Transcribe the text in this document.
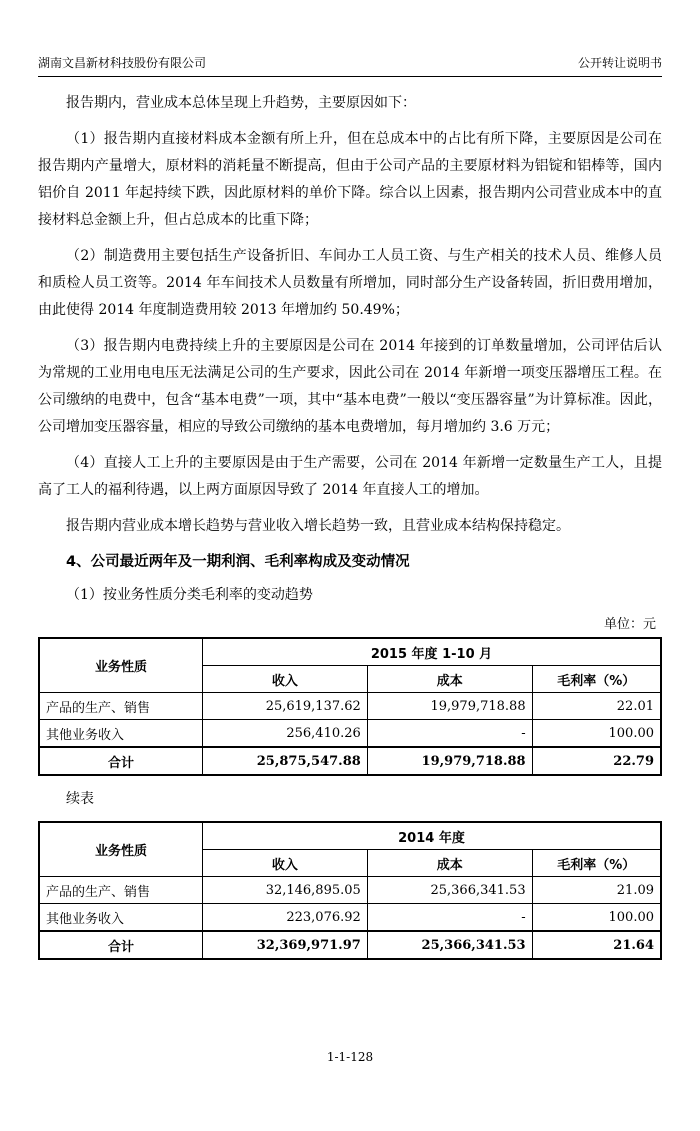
湖南文昌新材科技股份有限公司	公开转让说明书

报告期内，营业成本总体呈现上升趋势，主要原因如下：

（1）报告期内直接材料成本金额有所上升，但在总成本中的占比有所下降，主要原因是公司在报告期内产量增大，原材料的消耗量不断提高，但由于公司产品的主要原材料为铝锭和铝棒等，国内铝价自 2011 年起持续下跌，因此原材料的单价下降。综合以上因素，报告期内公司营业成本中的直接材料总金额上升，但占总成本的比重下降；

（2）制造费用主要包括生产设备折旧、车间办工人员工资、与生产相关的技术人员、维修人员和质检人员工资等。2014 年车间技术人员数量有所增加，同时部分生产设备转固，折旧费用增加，由此使得 2014 年度制造费用较 2013 年增加约 50.49%；

（3）报告期内电费持续上升的主要原因是公司在 2014 年接到的订单数量增加，公司评估后认为常规的工业用电电压无法满足公司的生产要求，因此公司在 2014 年新增一项变压器增压工程。在公司缴纳的电费中，包含“基本电费”一项，其中“基本电费”一般以“变压器容量”为计算标准。因此，公司增加变压器容量，相应的导致公司缴纳的基本电费增加，每月增加约 3.6 万元；

（4）直接人工上升的主要原因是由于生产需要，公司在 2014 年新增一定数量生产工人，且提高了工人的福利待遇，以上两方面原因导致了 2014 年直接人工的增加。

报告期内营业成本增长趋势与营业收入增长趋势一致，且营业成本结构保持稳定。

4、公司最近两年及一期利润、毛利率构成及变动情况

（1）按业务性质分类毛利率的变动趋势

单位：元
业务性质	2015 年度 1-10 月		
	收入	成本	毛利率（%）
产品的生产、销售	25,619,137.62	19,979,718.88	22.01
其他业务收入	256,410.26	-	100.00
合计	25,875,547.88	19,979,718.88	22.79
续表
业务性质	2014 年度		
	收入	成本	毛利率（%）
产品的生产、销售	32,146,895.05	25,366,341.53	21.09
其他业务收入	223,076.92	-	100.00
合计	32,369,971.97	25,366,341.53	21.64
1-1-128
